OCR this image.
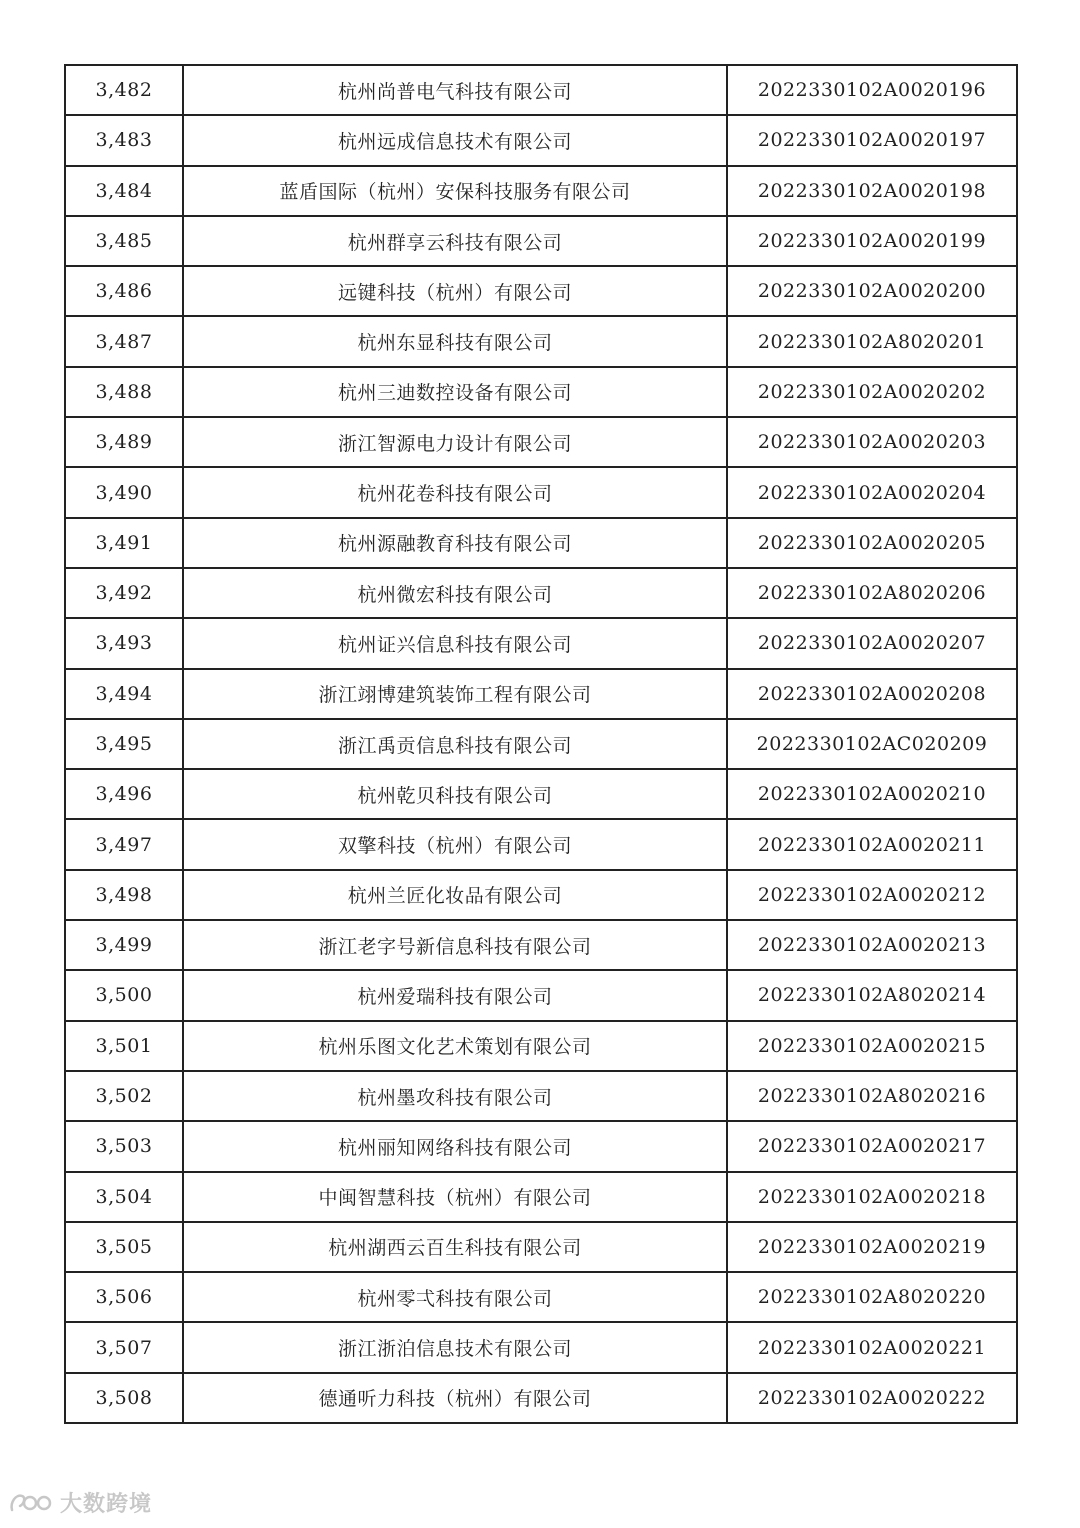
3,482	杭州尚普电气科技有限公司	2022330102A0020196
3,483	杭州远成信息技术有限公司	2022330102A0020197
3,484	蓝盾国际（杭州）安保科技服务有限公司	2022330102A0020198
3,485	杭州群享云科技有限公司	2022330102A0020199
3,486	远键科技（杭州）有限公司	2022330102A0020200
3,487	杭州东显科技有限公司	2022330102A8020201
3,488	杭州三迪数控设备有限公司	2022330102A0020202
3,489	浙江智源电力设计有限公司	2022330102A0020203
3,490	杭州花卷科技有限公司	2022330102A0020204
3,491	杭州源融教育科技有限公司	2022330102A0020205
3,492	杭州微宏科技有限公司	2022330102A8020206
3,493	杭州证兴信息科技有限公司	2022330102A0020207
3,494	浙江翊博建筑装饰工程有限公司	2022330102A0020208
3,495	浙江禹贡信息科技有限公司	2022330102AC020209
3,496	杭州乾贝科技有限公司	2022330102A0020210
3,497	双擎科技（杭州）有限公司	2022330102A0020211
3,498	杭州兰匠化妆品有限公司	2022330102A0020212
3,499	浙江老字号新信息科技有限公司	2022330102A0020213
3,500	杭州爱瑞科技有限公司	2022330102A8020214
3,501	杭州乐图文化艺术策划有限公司	2022330102A0020215
3,502	杭州墨攻科技有限公司	2022330102A8020216
3,503	杭州丽知网络科技有限公司	2022330102A0020217
3,504	中闽智慧科技（杭州）有限公司	2022330102A0020218
3,505	杭州湖西云百生科技有限公司	2022330102A0020219
3,506	杭州零弌科技有限公司	2022330102A8020220
3,507	浙江浙泊信息技术有限公司	2022330102A0020221
3,508	德通听力科技（杭州）有限公司	2022330102A0020222
大数跨境
